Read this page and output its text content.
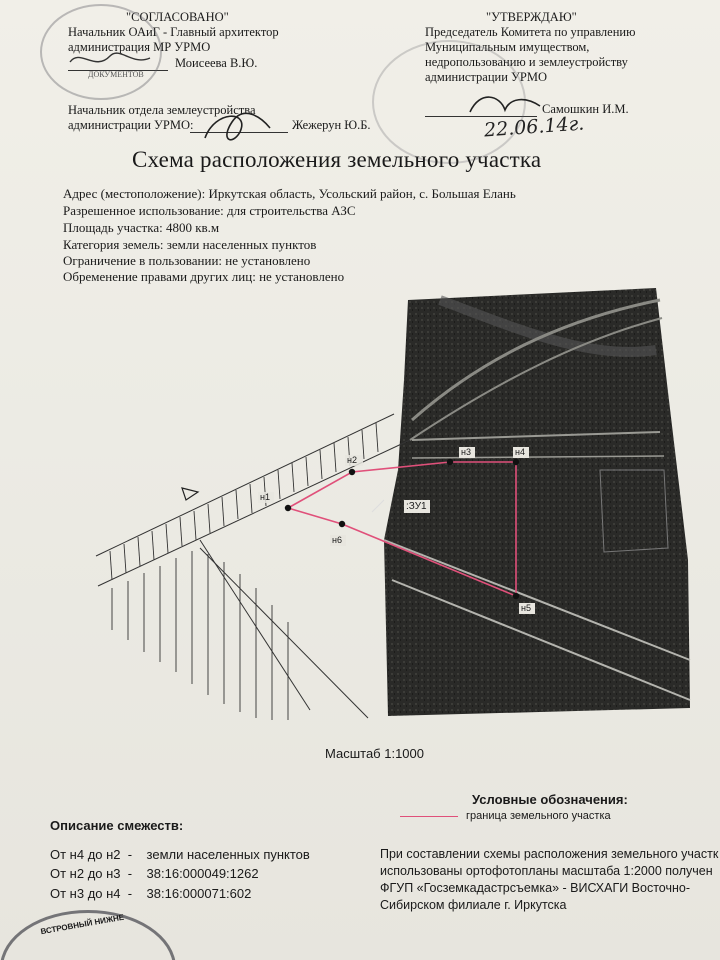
"СОГЛАСОВАНО"
Начальник ОАиГ - Главный архитектор
администрация МР УРМО
Моисеева В.Ю.
ДОКУМЕНТОВ
"УТВЕРЖДАЮ"
Председатель Комитета по управлению
Муниципальным имуществом,
недропользованию и землеустройству
администрации УРМО
Самошкин И.М.
22.06.14г.
Начальник отдела землеустройства
администрации УРМО:	Жежерун Ю.Б.
Схема расположения земельного участка
Адрес (местоположение): Иркутская область, Усольский район, с. Большая Елань
Разрешенное использование: для строительства АЗС
Площадь участка: 4800 кв.м
Категория земель: земли населенных пунктов
Ограничение в пользовании: не установлено
Обременение правами других лиц: не установлено
н1
н2
н3	н4
н5
н6
:ЗУ1
Масштаб 1:1000
Условные обозначения:
граница земельного участка
Описание смежеств:
От н4 до н2  -    земли населенных пунктов
От н2 до н3  -    38:16:000049:1262
От н3 до н4  -    38:16:000071:602
При составлении схемы расположения земельного участк
использованы ортофотопланы масштаба 1:2000 получен
ФГУП «Госземкадастрсъемка» - ВИСХАГИ Восточно-
Сибирском филиале г. Иркутска
ВСТРОВНЫЙ НИЖНЕ
